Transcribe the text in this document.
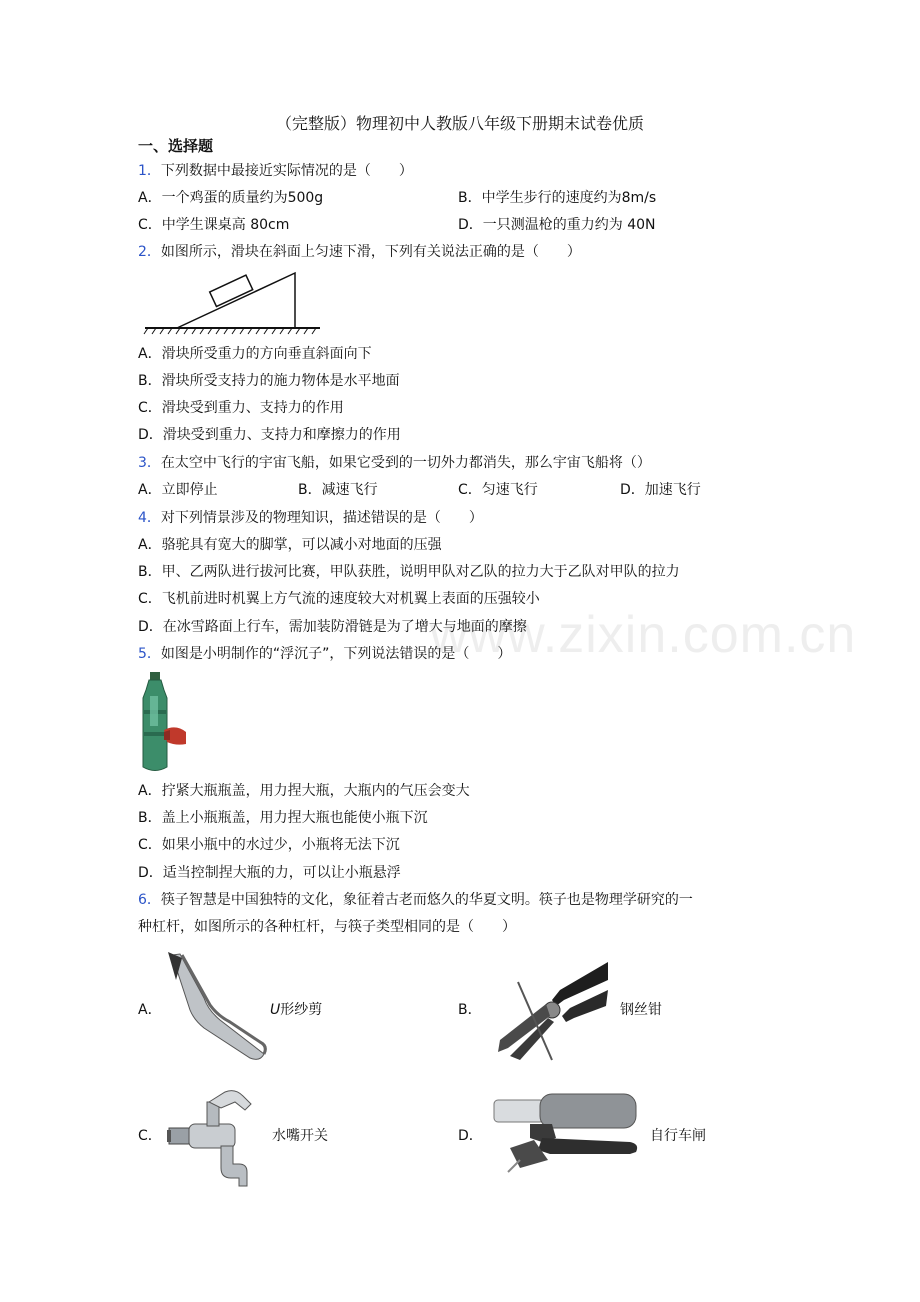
（完整版）物理初中人教版八年级下册期末试卷优质
一、选择题
www.zixin.com.cn
1．下列数据中最接近实际情况的是（　　）
A．一个鸡蛋的质量约为500g	B．中学生步行的速度约为8m/s
C．中学生课桌高 80cm	D．一只测温枪的重力约为 40N
2．如图所示，滑块在斜面上匀速下滑，下列有关说法正确的是（　　）
A．滑块所受重力的方向垂直斜面向下
B．滑块所受支持力的施力物体是水平地面
C．滑块受到重力、支持力的作用
D．滑块受到重力、支持力和摩擦力的作用
3．在太空中飞行的宇宙飞船，如果它受到的一切外力都消失，那么宇宙飞船将（）
A．立即停止	B．减速飞行	C．匀速飞行	D．加速飞行
4．对下列情景涉及的物理知识，描述错误的是（　　）
A．骆驼具有宽大的脚掌，可以减小对地面的压强
B．甲、乙两队进行拔河比赛，甲队获胜，说明甲队对乙队的拉力大于乙队对甲队的拉力
C．飞机前进时机翼上方气流的速度较大对机翼上表面的压强较小
D．在冰雪路面上行车，需加装防滑链是为了增大与地面的摩擦
5．如图是小明制作的“浮沉子”，下列说法错误的是（　　）
A．拧紧大瓶瓶盖，用力捏大瓶，大瓶内的气压会变大
B．盖上小瓶瓶盖，用力捏大瓶也能使小瓶下沉
C．如果小瓶中的水过少，小瓶将无法下沉
D．适当控制捏大瓶的力，可以让小瓶悬浮
6．筷子智慧是中国独特的文化，象征着古老而悠久的华夏文明。筷子也是物理学研究的一
种杠杆，如图所示的各种杠杆，与筷子类型相同的是（　　）
A．	U形纱剪	B．	钢丝钳
C．	水嘴开关	D．	自行车闸
